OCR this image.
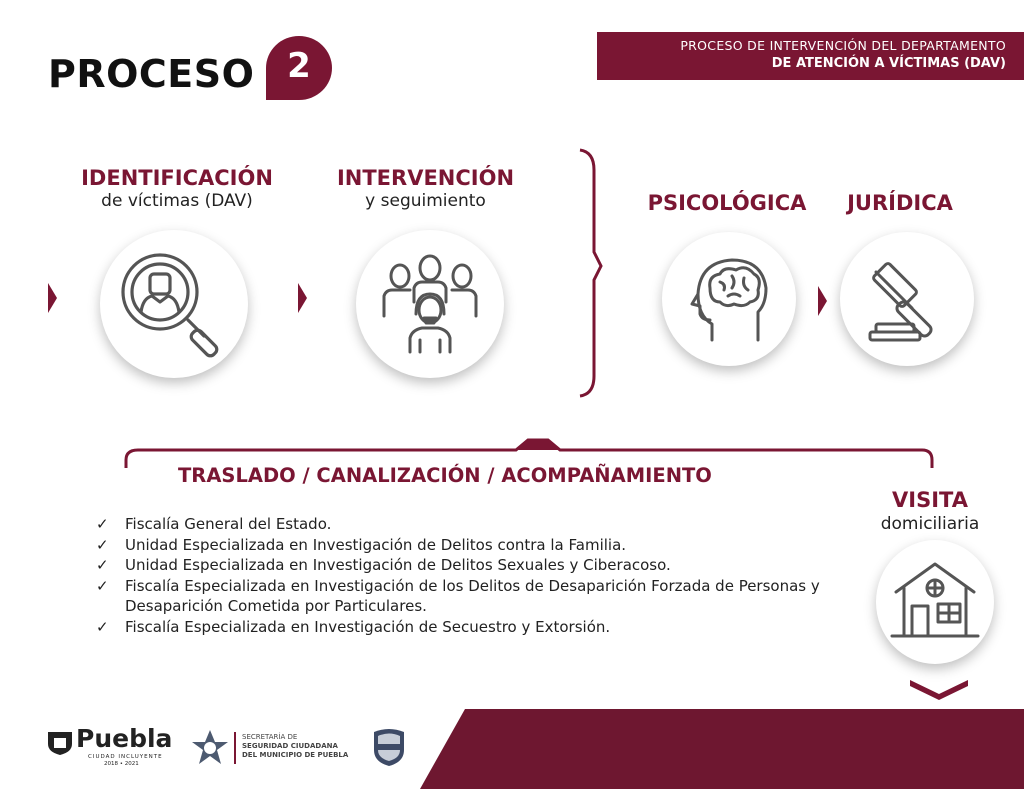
PROCESO 2
PROCESO DE INTERVENCIÓN DEL DEPARTAMENTO
DE ATENCIÓN A VÍCTIMAS (DAV)
IDENTIFICACIÓN
de víctimas (DAV)
INTERVENCIÓN
y seguimiento	PSICOLÓGICA	JURÍDICA
TRASLADO / CANALIZACIÓN / ACOMPAÑAMIENTO
✓ Fiscalía General del Estado.
✓ Unidad Especializada en Investigación de Delitos contra la Familia.
✓ Unidad Especializada en Investigación de Delitos Sexuales y Ciberacoso.
✓ Fiscalía Especializada en Investigación de los Delitos de Desaparición Forzada de Personas y Desaparición Cometida por Particulares.
✓ Fiscalía Especializada en Investigación de Secuestro y Extorsión.
VISITA
domiciliaria
Puebla
CIUDAD INCLUYENTE
2018 • 2021
SECRETARÍA DE
SEGURIDAD CIUDADANA
DEL MUNICIPIO DE PUEBLA
